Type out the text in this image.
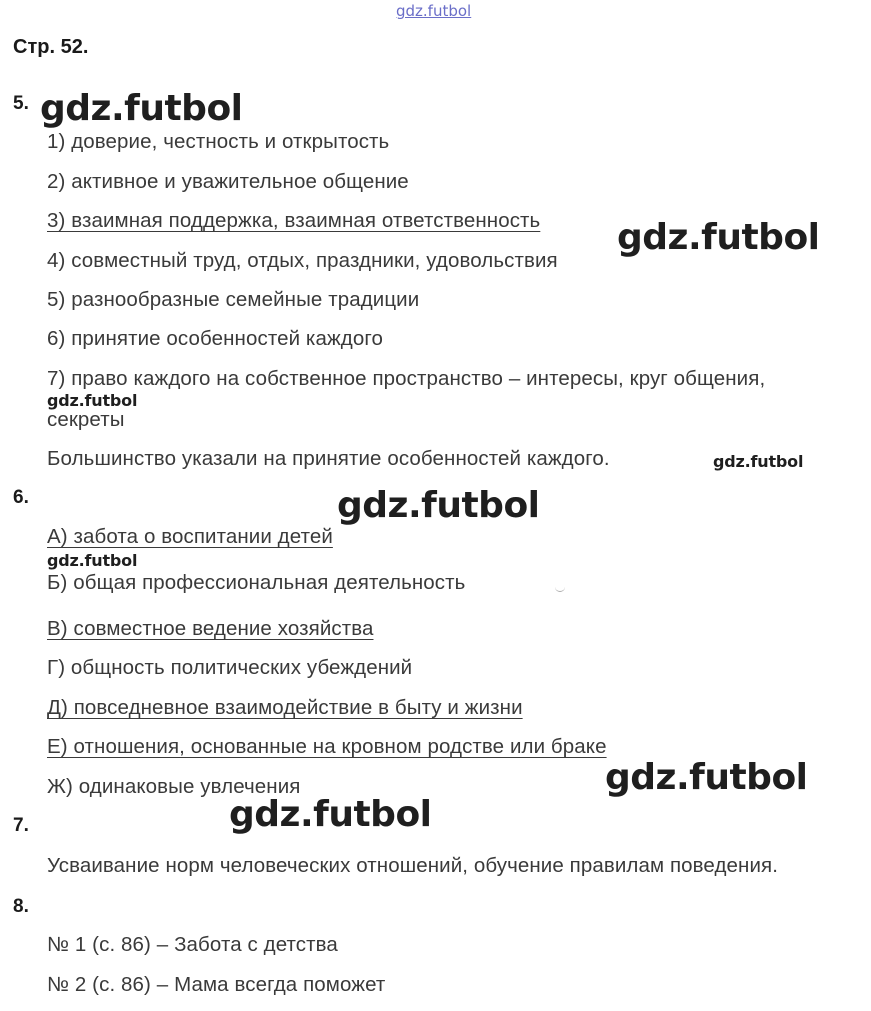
gdz.futbol
Стр. 52.
5.
1) доверие, честность и открытость
2) активное и уважительное общение
3) взаимная поддержка, взаимная ответственность
4) совместный труд, отдых, праздники, удовольствия
5) разнообразные семейные традиции
6) принятие особенностей каждого
7) право каждого на собственное пространство – интересы, круг общения,
секреты
Большинство указали на принятие особенностей каждого.
6.
А) забота о воспитании детей
Б) общая профессиональная деятельность
В) совместное ведение хозяйства
Г) общность политических убеждений
Д) повседневное взаимодействие в быту и жизни
Е) отношения, основанные на кровном родстве или браке
Ж) одинаковые увлечения
7.
Усваивание норм человеческих отношений, обучение правилам поведения.
8.
№ 1 (с. 86) – Забота с детства
№ 2 (с. 86) – Мама всегда поможет
gdz.futbol
gdz.futbol
gdz.futbol
gdz.futbol
gdz.futbol
gdz.futbol
gdz.futbol
gdz.futbol
